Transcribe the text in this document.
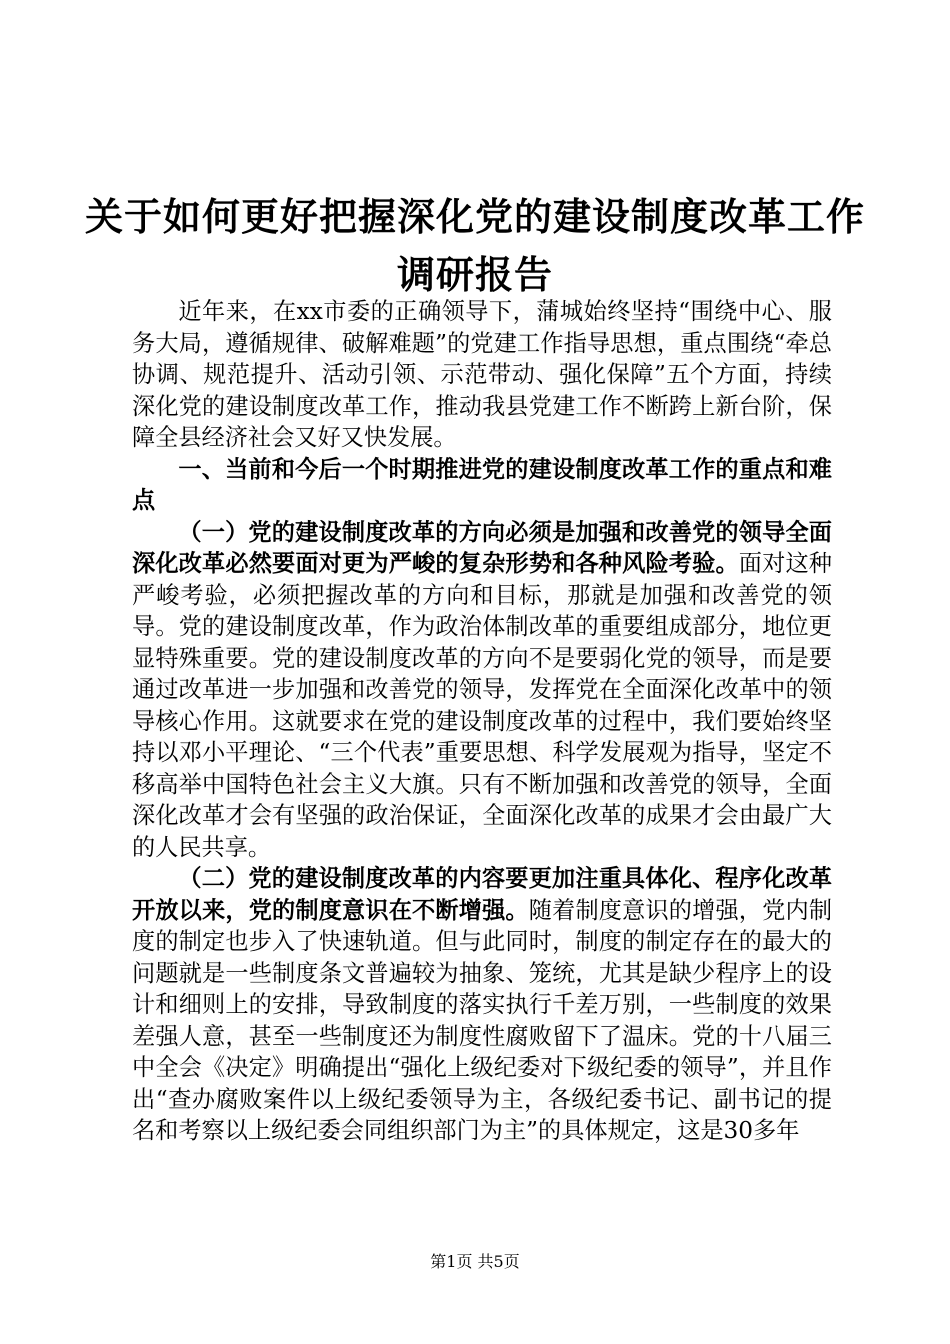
关于如何更好把握深化党的建设制度改革工作
调研报告

近年来，在xx市委的正确领导下，蒲城始终坚持“围绕中心、服务大局，遵循规律、破解难题”的党建工作指导思想，重点围绕“牵总协调、规范提升、活动引领、示范带动、强化保障”五个方面，持续深化党的建设制度改革工作，推动我县党建工作不断跨上新台阶，保障全县经济社会又好又快发展。

一、当前和今后一个时期推进党的建设制度改革工作的重点和难点

（一）党的建设制度改革的方向必须是加强和改善党的领导全面深化改革必然要面对更为严峻的复杂形势和各种风险考验。面对这种严峻考验，必须把握改革的方向和目标，那就是加强和改善党的领导。党的建设制度改革，作为政治体制改革的重要组成部分，地位更显特殊重要。党的建设制度改革的方向不是要弱化党的领导，而是要通过改革进一步加强和改善党的领导，发挥党在全面深化改革中的领导核心作用。这就要求在党的建设制度改革的过程中，我们要始终坚持以邓小平理论、“三个代表”重要思想、科学发展观为指导，坚定不移高举中国特色社会主义大旗。只有不断加强和改善党的领导，全面深化改革才会有坚强的政治保证，全面深化改革的成果才会由最广大的人民共享。

（二）党的建设制度改革的内容要更加注重具体化、程序化改革开放以来，党的制度意识在不断增强。随着制度意识的增强，党内制度的制定也步入了快速轨道。但与此同时，制度的制定存在的最大的问题就是一些制度条文普遍较为抽象、笼统，尤其是缺少程序上的设计和细则上的安排，导致制度的落实执行千差万别，一些制度的效果差强人意，甚至一些制度还为制度性腐败留下了温床。党的十八届三中全会《决定》明确提出“强化上级纪委对下级纪委的领导”，并且作出“查办腐败案件以上级纪委领导为主，各级纪委书记、副书记的提名和考察以上级纪委会同组织部门为主”的具体规定，这是30多年

第1页 共5页
